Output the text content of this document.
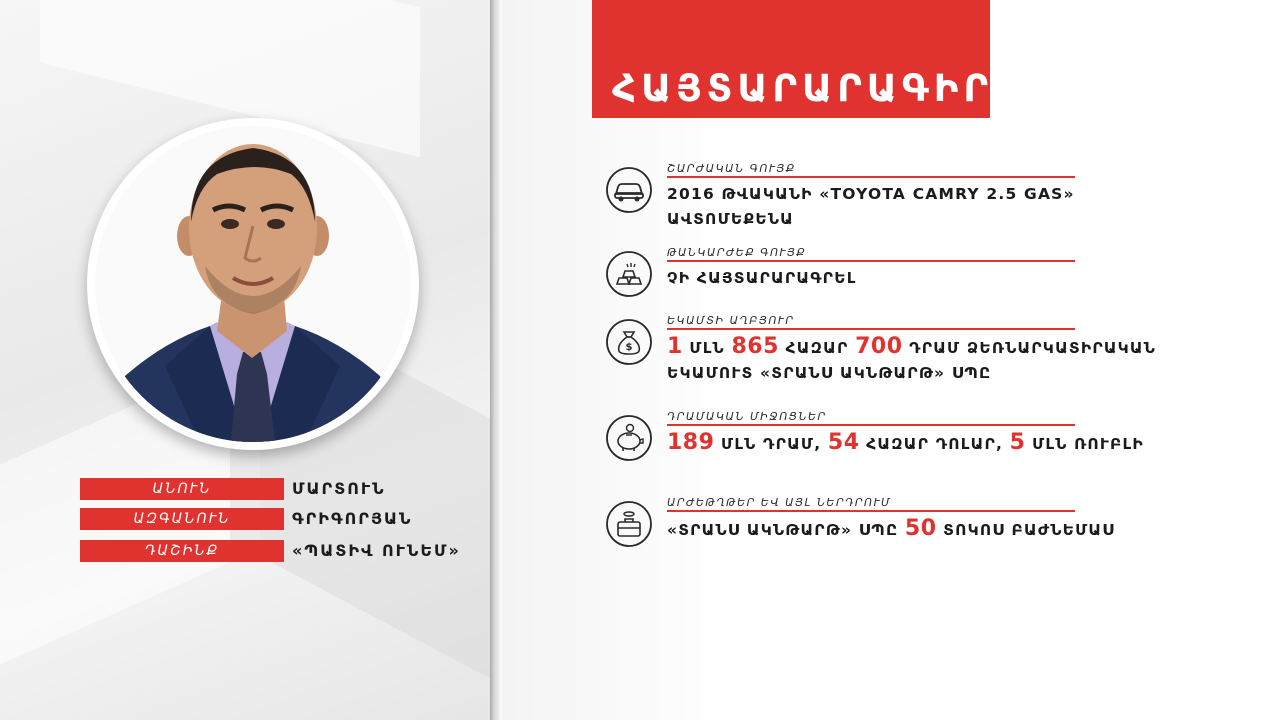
ԱՆՈՒՆ	ՄԱՐՏՈՒՆ
ԱԶԳԱՆՈՒՆ	ԳՐԻԳՈՐՅԱՆ
ԴԱՇԻՆՔ	«ՊԱՏԻՎ ՈՒՆԵՄ»
ՀԱՅՏԱՐԱՐԱԳԻՐ
ՇԱՐԺԱԿԱՆ ԳՈՒՅՔ
2016 ԹՎԱԿԱՆԻ «TOYOTA CAMRY 2.5 GAS»
ԱՎՏՈՄԵՔԵՆԱ
ԹԱՆԿԱՐԺԵՔ ԳՈՒՅՔ
ՉԻ ՀԱՅՏԱՐԱՐԱԳՐԵԼ
$
ԵԿԱՄՏԻ ԱՂԲՅՈՒՐ
1 ՄԼՆ 865 ՀԱԶԱՐ 700 ԴՐԱՄ ՁԵՌՆԱՐԿԱՏԻՐԱԿԱՆ
ԵԿԱՄՈՒՏ «ՏՐԱՆՍ ԱԿՆԹԱՐԹ» ՍՊԸ
ԴՐԱՄԱԿԱՆ ՄԻՋՈՑՆԵՐ
189 ՄԼՆ ԴՐԱՄ, 54 ՀԱԶԱՐ ԴՈԼԱՐ, 5 ՄԼՆ ՌՈՒԲԼԻ
ԱՐԺԵԹՂԹԵՐ ԵՎ ԱՅԼ ՆԵՐԴՐՈՒՄ
«ՏՐԱՆՍ ԱԿՆԹԱՐԹ» ՍՊԸ 50 ՏՈԿՈՍ ԲԱԺՆԵՄԱՍ
